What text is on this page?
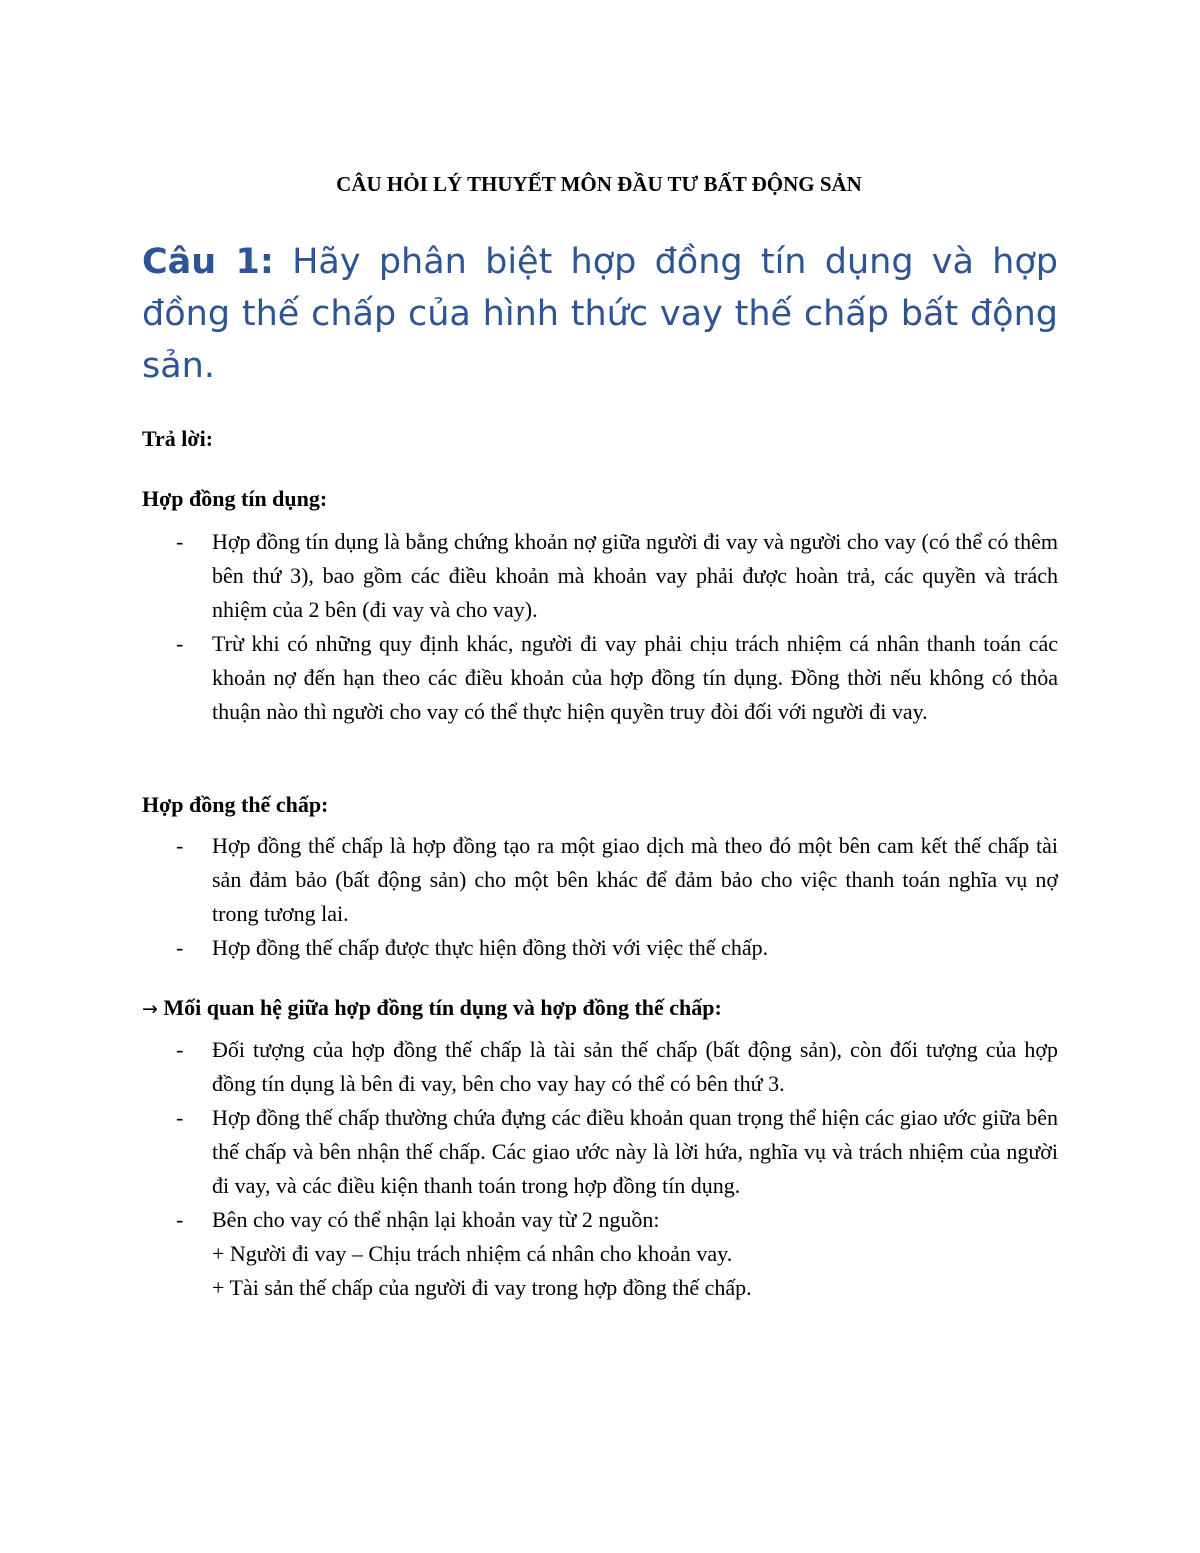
CÂU HỎI LÝ THUYẾT MÔN ĐẦU TƯ BẤT ĐỘNG SẢN
Câu 1: Hãy phân biệt hợp đồng tín dụng và hợp đồng thế chấp của hình thức vay thế chấp bất động sản.
Trả lời:
Hợp đồng tín dụng:
- Hợp đồng tín dụng là bằng chứng khoản nợ giữa người đi vay và người cho vay (có thể có thêm bên thứ 3), bao gồm các điều khoản mà khoản vay phải được hoàn trả, các quyền và trách nhiệm của 2 bên (đi vay và cho vay).
- Trừ khi có những quy định khác, người đi vay phải chịu trách nhiệm cá nhân thanh toán các khoản nợ đến hạn theo các điều khoản của hợp đồng tín dụng. Đồng thời nếu không có thỏa thuận nào thì người cho vay có thể thực hiện quyền truy đòi đối với người đi vay.
Hợp đồng thế chấp:
- Hợp đồng thế chấp là hợp đồng tạo ra một giao dịch mà theo đó một bên cam kết thế chấp tài sản đảm bảo (bất động sản) cho một bên khác để đảm bảo cho việc thanh toán nghĩa vụ nợ trong tương lai.
- Hợp đồng thế chấp được thực hiện đồng thời với việc thế chấp.
→ Mối quan hệ giữa hợp đồng tín dụng và hợp đồng thế chấp:
- Đối tượng của hợp đồng thế chấp là tài sản thế chấp (bất động sản), còn đối tượng của hợp đồng tín dụng là bên đi vay, bên cho vay hay có thể có bên thứ 3.
- Hợp đồng thế chấp thường chứa đựng các điều khoản quan trọng thể hiện các giao ước giữa bên thế chấp và bên nhận thế chấp. Các giao ước này là lời hứa, nghĩa vụ và trách nhiệm của người đi vay, và các điều kiện thanh toán trong hợp đồng tín dụng.
- Bên cho vay có thể nhận lại khoản vay từ 2 nguồn:
+ Người đi vay – Chịu trách nhiệm cá nhân cho khoản vay.
+ Tài sản thế chấp của người đi vay trong hợp đồng thế chấp.
